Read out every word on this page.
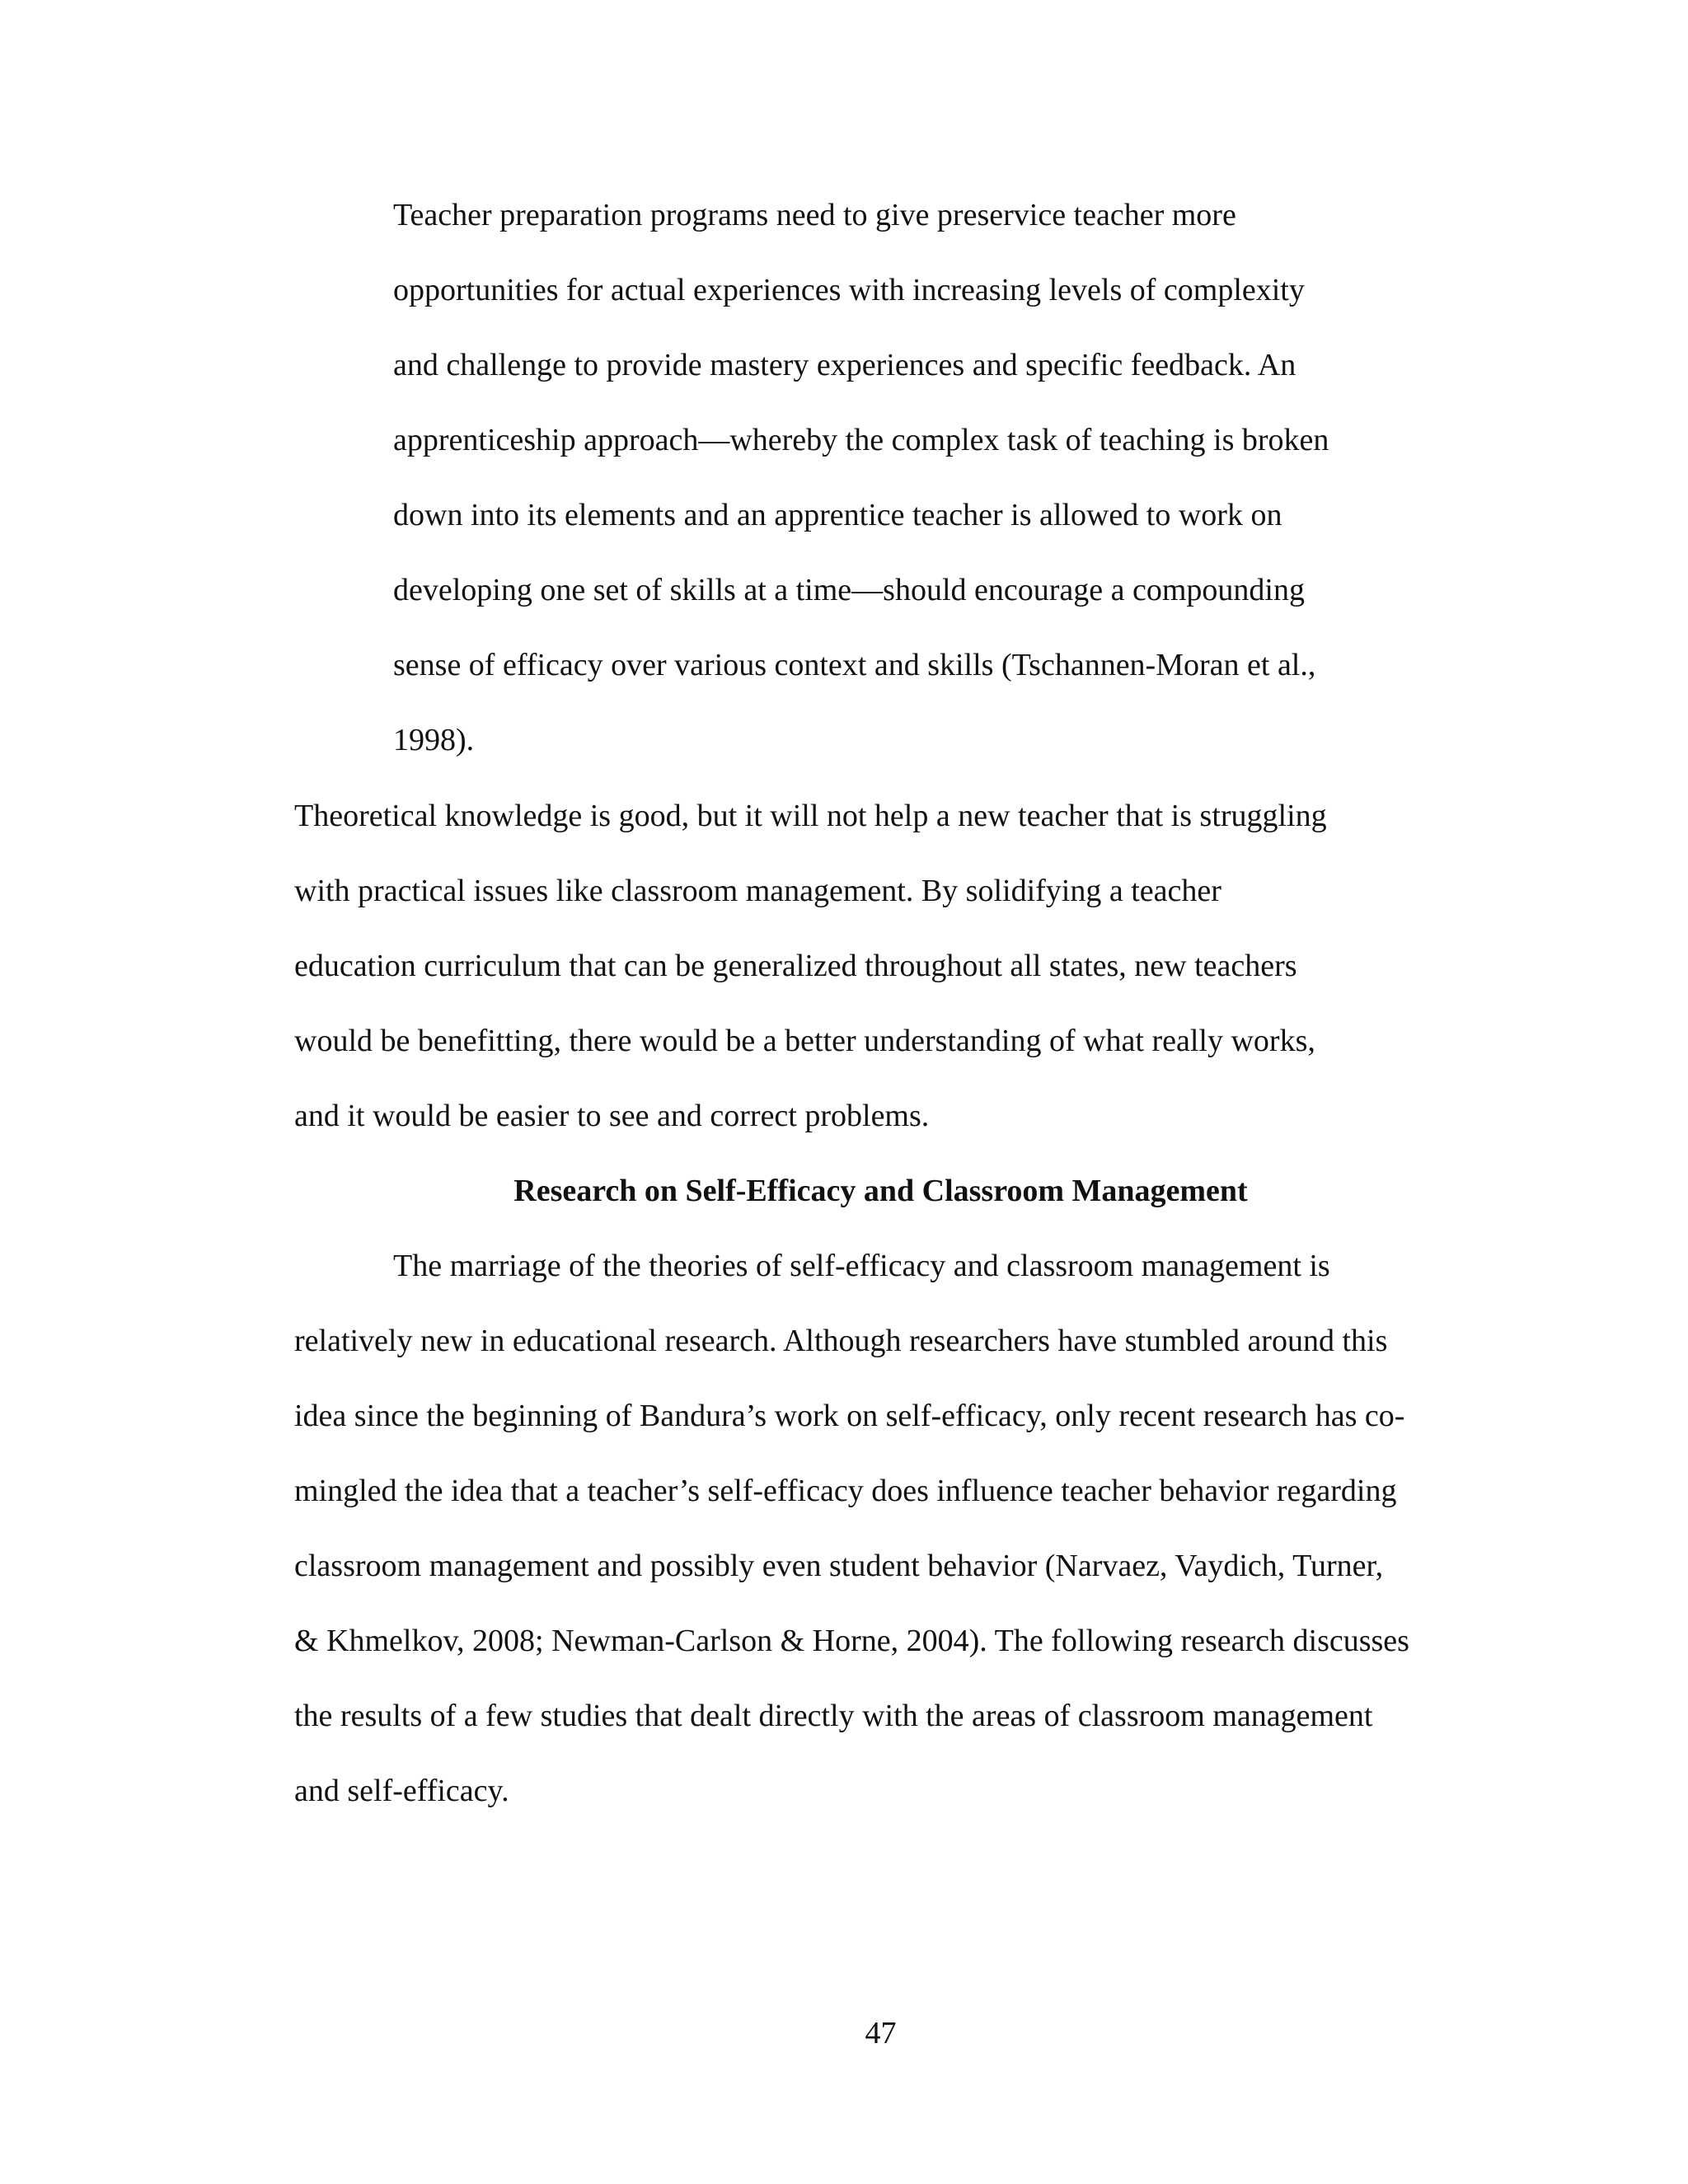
Teacher preparation programs need to give preservice teacher more
opportunities for actual experiences with increasing levels of complexity
and challenge to provide mastery experiences and specific feedback. An
apprenticeship approach—whereby the complex task of teaching is broken
down into its elements and an apprentice teacher is allowed to work on
developing one set of skills at a time—should encourage a compounding
sense of efficacy over various context and skills (Tschannen-Moran et al.,
1998).
Theoretical knowledge is good, but it will not help a new teacher that is struggling
with practical issues like classroom management. By solidifying a teacher
education curriculum that can be generalized throughout all states, new teachers
would be benefitting, there would be a better understanding of what really works,
and it would be easier to see and correct problems.
Research on Self-Efficacy and Classroom Management
The marriage of the theories of self-efficacy and classroom management is
relatively new in educational research. Although researchers have stumbled around this
idea since the beginning of Bandura’s work on self-efficacy, only recent research has co-
mingled the idea that a teacher’s self-efficacy does influence teacher behavior regarding
classroom management and possibly even student behavior (Narvaez, Vaydich, Turner,
& Khmelkov, 2008; Newman-Carlson & Horne, 2004). The following research discusses
the results of a few studies that dealt directly with the areas of classroom management
and self-efficacy.
47
